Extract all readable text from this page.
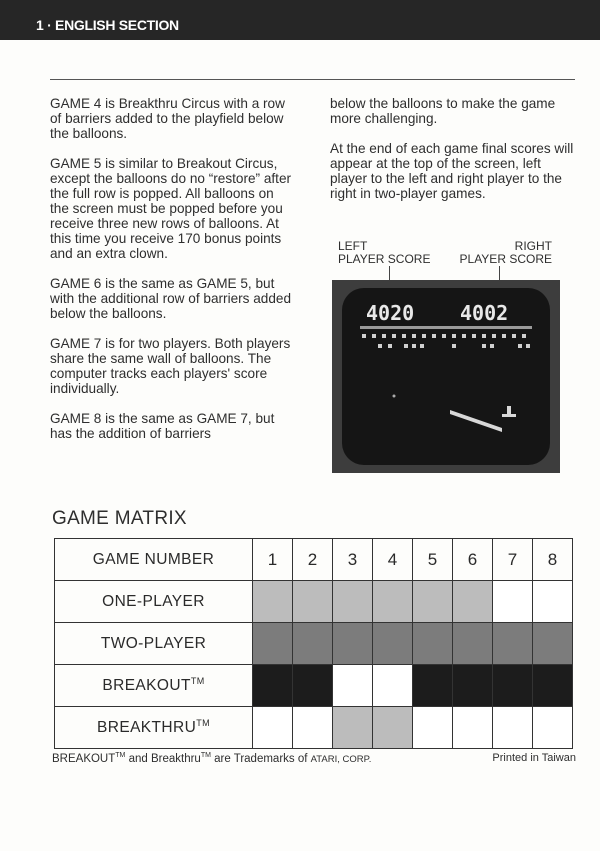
1 · ENGLISH SECTION

GAME 4 is Breakthru Circus with a row of barriers added to the playfield below the balloons.

GAME 5 is similar to Breakout Circus, except the balloons do no “restore” after the full row is popped. All balloons on the screen must be popped before you receive three new rows of balloons. At this time you receive 170 bonus points and an extra clown.

GAME 6 is the same as GAME 5, but with the additional row of barriers added below the balloons.

GAME 7 is for two players. Both players share the same wall of balloons. The computer tracks each players' score individually.

GAME 8 is the same as GAME 7, but has the addition of barriers

below the balloons to make the game more challenging.

At the end of each game final scores will appear at the top of the screen, left player to the left and right player to the right in two-player games.

LEFT
PLAYER SCORE
RIGHT
PLAYER SCORE
4020 4002
GAME MATRIX
GAME NUMBER	1	2	3	4	5	6	7	8
ONE-PLAYER								
TWO-PLAYER								
BREAKOUT™								
BREAKTHRU™								
BREAKOUT™ and Breakthru™ are Trademarks of ATARI, CORP.	Printed in Taiwan
